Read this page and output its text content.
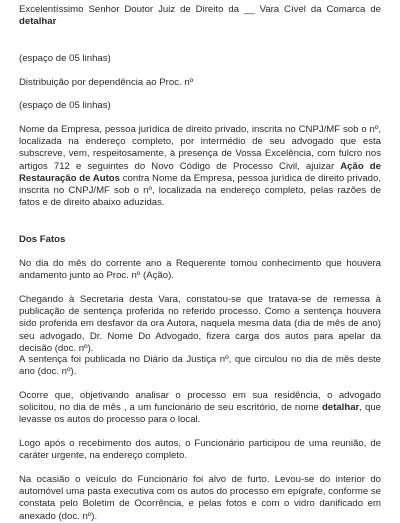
Excelentíssimo Senhor Doutor Juiz de Direito da __ Vara Cível da Comarca de detalhar

(espaço de 05 linhas)

Distribuição por dependência ao Proc. nº

(espaço de 05 linhas)

Nome da Empresa, pessoa jurídica de direito privado, inscrita no CNPJ/MF sob o nº, localizada na endereço completo, por intermédio de seu advogado que esta subscreve, vem, respeitosamente, à presença de Vossa Excelência, com fulcro nos artigos 712 e seguintes do Novo Código de Processo Civil, ajuizar Ação de Restauração de Autos contra Nome da Empresa, pessoa jurídica de direito privado, inscrita no CNPJ/MF sob o nº, localizada na endereço completo, pelas razões de fatos e de direito abaixo aduzidas.

Dos Fatos

No dia do mês do corrente ano a Requerente tomou conhecimento que houvera andamento junto ao Proc. nº (Ação).

Chegando à Secretaria desta Vara, constatou-se que tratava-se de remessa à publicação de sentença proferida no referido processo. Como a sentença houvera sido proferida em desfavor da ora Autora, naquela mesma data (dia de mês de ano) seu advogado, Dr. Nome Do Advogado, fizera carga dos autos para apelar da decisão (doc. nº).

A sentença foi publicada no Diário da Justiça nº, que circulou no dia de mês deste ano (doc. nº).

Ocorre que, objetivando analisar o processo em sua residência, o advogado solicitou, no dia de mês , a um funcionário de seu escritório, de nome detalhar, que levasse os autos do processo para o local.

Logo após o recebimento dos autos, o Funcionário participou de uma reunião, de caráter urgente, na endereço completo.

Na ocasião o veículo do Funcionário foi alvo de furto. Levou-se do interior do automóvel uma pasta executiva com os autos do processo em epígrafe, conforme se constata pelo Boletim de Ocorrência, e pelas fotos e com o vidro danificado em anexado (doc. nº).
